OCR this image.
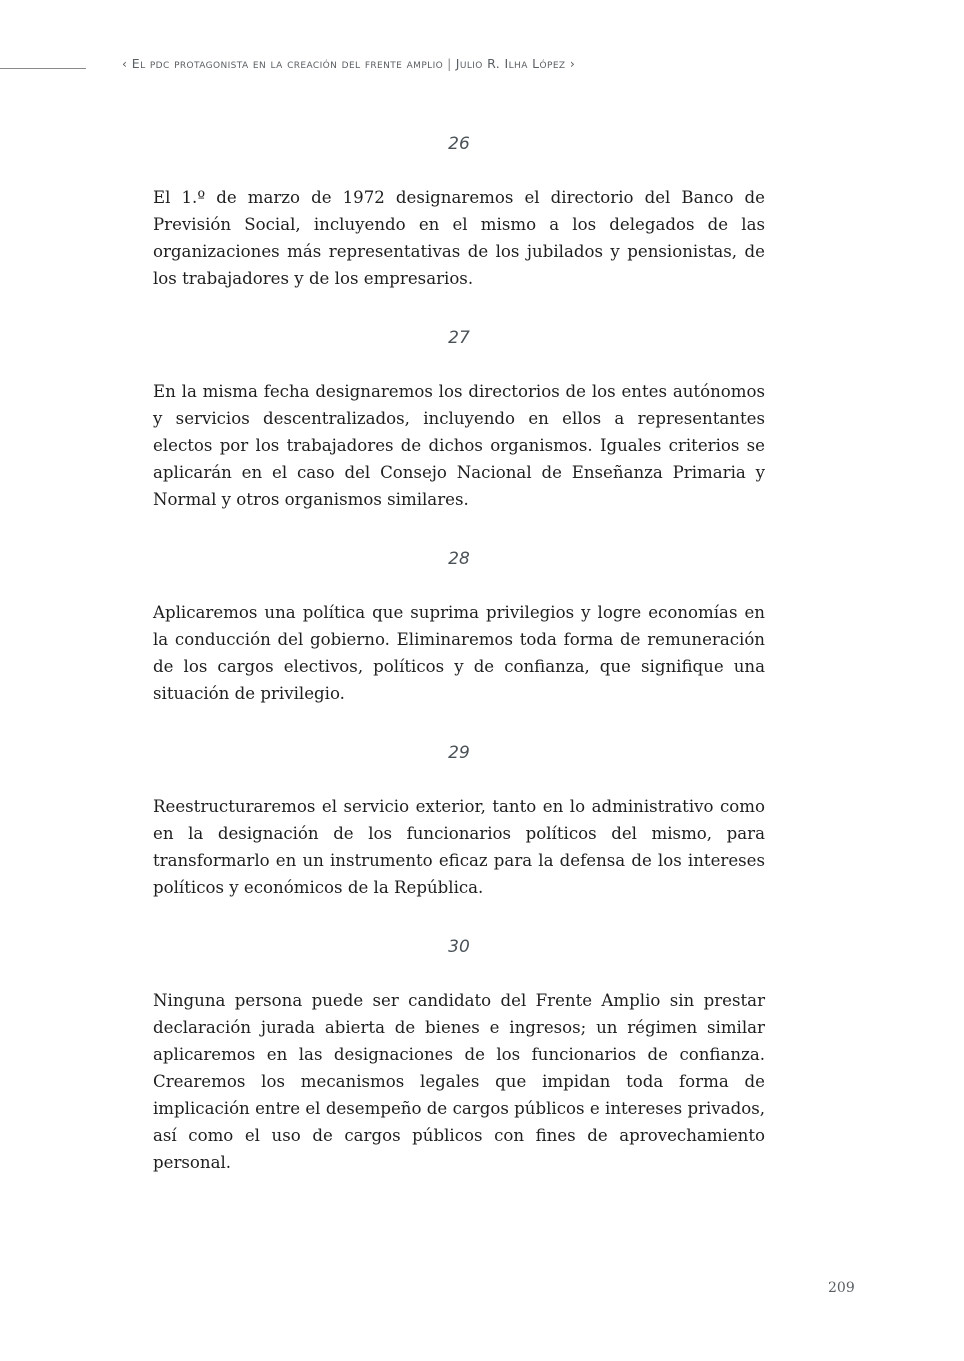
‹ El pdc protagonista en la creación del frente amplio | Julio R. Ilha López ›

26

El 1.º de marzo de 1972 designaremos el directorio del Banco de Previsión Social, incluyendo en el mismo a los delegados de las organizaciones más representativas de los jubilados y pensionistas, de los trabajadores y de los empresarios.

27

En la misma fecha designaremos los directorios de los entes autónomos y servicios descentralizados, incluyendo en ellos a representantes electos por los trabajadores de dichos organismos. Iguales criterios se aplicarán en el caso del Consejo Nacional de Enseñanza Primaria y Normal y otros organismos similares.

28

Aplicaremos una política que suprima privilegios y logre economías en la conducción del gobierno. Eliminaremos toda forma de remuneración de los cargos electivos, políticos y de confianza, que signifique una situación de privilegio.

29

Reestructuraremos el servicio exterior, tanto en lo administrativo como en la designación de los funcionarios políticos del mismo, para transformarlo en un instrumento eficaz para la defensa de los intereses políticos y económicos de la República.

30

Ninguna persona puede ser candidato del Frente Amplio sin prestar declaración jurada abierta de bienes e ingresos; un régimen similar aplicaremos en las designaciones de los funcionarios de confianza. Crearemos los mecanismos legales que impidan toda forma de implicación entre el desempeño de cargos públicos e intereses privados, así como el uso de cargos públicos con fines de aprovechamiento personal.

209
